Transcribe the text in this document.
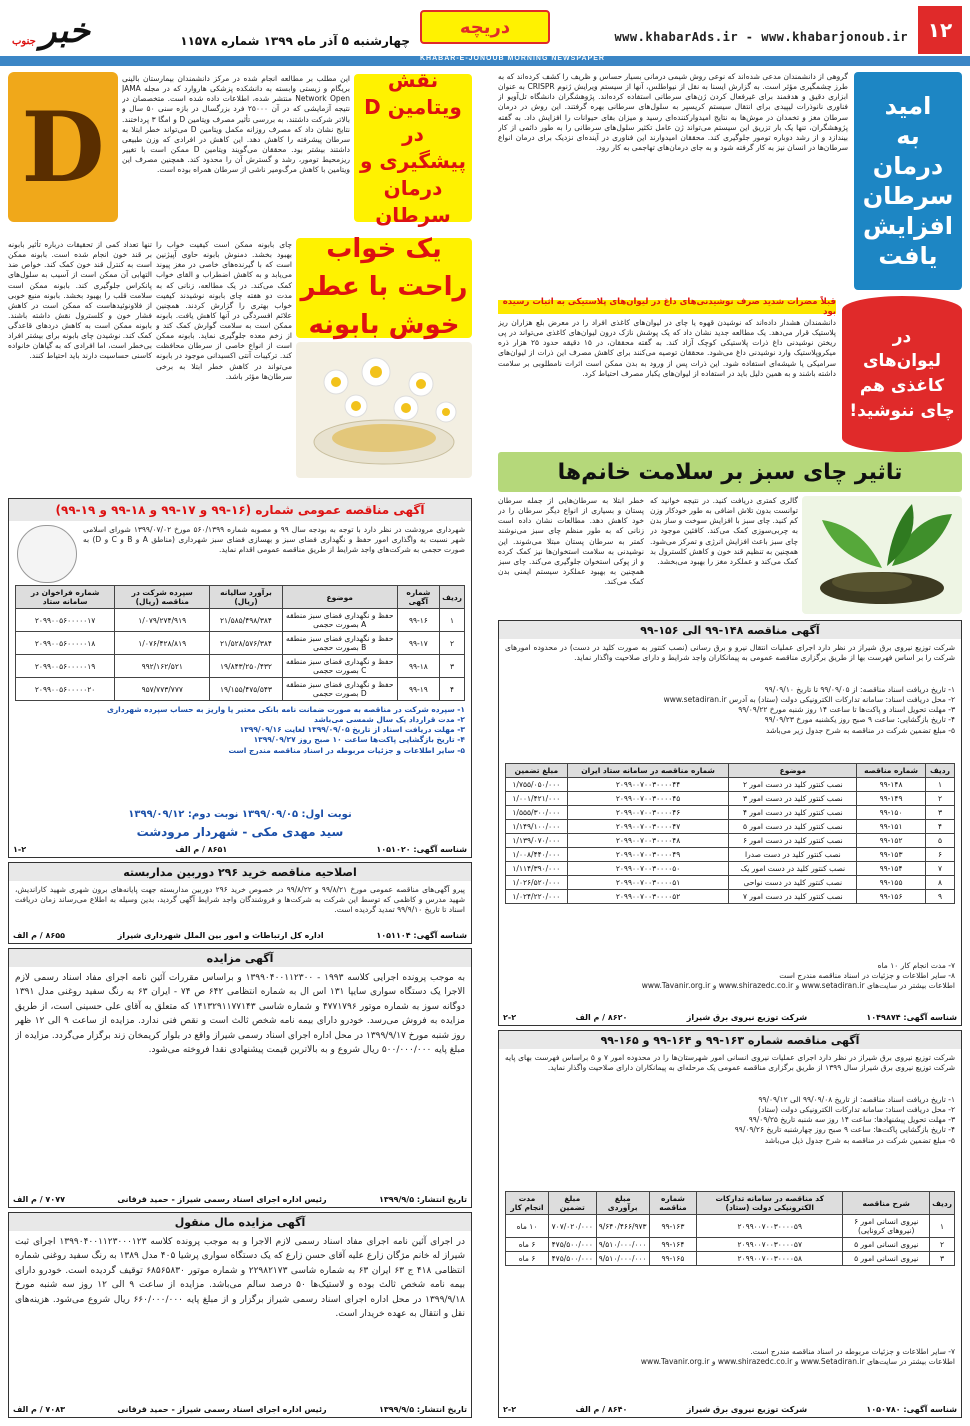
۱۲
www.khabarAds.ir - www.khabarjonoub.ir
دریچه
خبر
جنوب	چهارشنبه ۵ آذر ماه ۱۳۹۹ شماره ۱۱۵۷۸
KHABAR-E-JONOUB MORNING NEWSPAPER
امید
به
درمان
سرطان
افزایش
یافت
گروهی از دانشمندان مدعی شده‌اند که نوعی روش شیمی درمانی بسیار حساس و ظریف را کشف کرده‌اند که به طرز چشمگیری مؤثر است. به گزارش ایسنا به نقل از نیواطلس، آنها از سیستم ویرایش ژنوم CRISPR به عنوان ابزاری دقیق و هدفمند برای غیرفعال کردن ژن‌های سرطانی استفاده کرده‌اند. پژوهشگران دانشگاه تل‌آویو از فناوری نانوذرات لیپیدی برای انتقال سیستم کریسپر به سلول‌های سرطانی بهره گرفتند. این روش در درمان سرطان مغز و تخمدان در موش‌ها به نتایج امیدوارکننده‌ای رسید و میزان بقای حیوانات را افزایش داد. به گفته پژوهشگران، تنها یک بار تزریق این سیستم می‌تواند ژن عامل تکثیر سلول‌های سرطانی را به طور دائمی از کار بیندازد و از رشد دوباره تومور جلوگیری کند. محققان امیدوارند این فناوری در آینده‌ای نزدیک برای درمان انواع سرطان‌ها در انسان نیز به کار گرفته شود و به جای درمان‌های تهاجمی به کار رود.
D
نقش
ویتامین D در
پیشگیری و
درمان سرطان
این مطلب بر مطالعه انجام شده در مرکز دانشمندان بیمارستان بالینی بریگام و زیستی وابسته به دانشکده پزشکی هاروارد که در مجله JAMA Network Open منتشر شده، اطلاعات داده شده است. متخصصان در نتیجه آزمایشی که در آن ۲۵۰۰۰ فرد بزرگسال در بازه سنی ۵۰ سال و بالاتر شرکت داشتند، به بررسی تأثیر مصرف ویتامین D و امگا ۳ پرداختند. نتایج نشان داد که مصرف روزانه مکمل ویتامین D می‌تواند خطر ابتلا به سرطان پیشرفته را کاهش دهد. این کاهش در افرادی که وزن طبیعی داشتند بیشتر بود. محققان می‌گویند ویتامین D ممکن است با تغییر ریزمحیط تومور، رشد و گسترش آن را محدود کند. همچنین مصرف این ویتامین با کاهش مرگ‌ومیر ناشی از سرطان همراه بوده است.
در
لیوان‌های
کاغذی هم
چای ننوشید!
قبلاً مضرات شدید صرف نوشیدنی‌های داغ در لیوان‌های پلاستیکی به اثبات رسیده بود
دانشمندان هشدار داده‌اند که نوشیدن قهوه یا چای در لیوان‌های کاغذی افراد را در معرض بلع هزاران ریز پلاستیک قرار می‌دهد. یک مطالعه جدید نشان داد که یک پوشش نازک درون لیوان‌های کاغذی می‌تواند در پی ریختن نوشیدنی داغ ذرات پلاستیکی کوچک آزاد کند. به گفته محققان، در ۱۵ دقیقه حدود ۲۵ هزار ذره میکروپلاستیک وارد نوشیدنی داغ می‌شود. محققان توصیه می‌کنند برای کاهش مصرف این ذرات از لیوان‌های سرامیکی یا شیشه‌ای استفاده شود. این ذرات پس از ورود به بدن ممکن است اثرات نامطلوبی بر سلامت داشته باشند و به همین دلیل باید در استفاده از لیوان‌های یکبار مصرف احتیاط کرد.
تاثیر چای سبز بر سلامت خانم‌ها
گالری کمتری دریافت کنید. در نتیجه خوانید که توانست بدون تلاش اضافی به طور خودکار وزن کم کنید. چای سبز با افزایش سوخت و ساز بدن به چربی‌سوزی کمک می‌کند. کافئین موجود در چای سبز باعث افزایش انرژی و تمرکز می‌شود. همچنین به تنظیم قند خون و کاهش کلسترول بد کمک می‌کند و عملکرد مغز را بهبود می‌بخشد.
خطر ابتلا به سرطان‌هایی از جمله سرطان پستان و بسیاری از انواع دیگر سرطان را در خود کاهش دهد. مطالعات نشان داده است زنانی که به طور منظم چای سبز می‌نوشند کمتر به سرطان پستان مبتلا می‌شوند. این نوشیدنی به سلامت استخوان‌ها نیز کمک کرده و از پوکی استخوان جلوگیری می‌کند. چای سبز همچنین به بهبود عملکرد سیستم ایمنی بدن کمک می‌کند.
یک خواب
راحت با عطر
خوش بابونه
چای بابونه ممکن است کیفیت خواب را بهبود بخشد. دمنوش بابونه حاوی آپیژنین است که با گیرنده‌های خاصی در مغز پیوند می‌یابد و به کاهش اضطراب و القای خواب کمک می‌کند. در یک مطالعه، زنانی که به مدت دو هفته چای بابونه نوشیدند کیفیت خواب بهتری را گزارش کردند. همچنین علائم افسردگی در آنها کاهش یافت. بابونه ممکن است به سلامت گوارش کمک کند و از زخم معده جلوگیری نماید. بابونه ممکن است از انواع خاصی از سرطان محافظت کند. ترکیبات آنتی اکسیدانی موجود در بابونه می‌تواند در کاهش خطر ابتلا به برخی سرطان‌ها مؤثر باشد.
تنها تعداد کمی از تحقیقات درباره تأثیر بابونه بر قند خون انجام شده است. بابونه ممکن است به کنترل قند خون کمک کند. خواص ضد التهابی آن ممکن است از آسیب به سلول‌های پانکراس جلوگیری کند. بابونه ممکن است سلامت قلب را بهبود بخشد. بابونه منبع خوبی از فلاونوئیدهاست که ممکن است در کاهش فشار خون و کلسترول نقش داشته باشند. بابونه ممکن است به کاهش دردهای قاعدگی کمک کند. نوشیدن چای بابونه برای بیشتر افراد بی‌خطر است، اما افرادی که به گیاهان خانواده کاسنی حساسیت دارند باید احتیاط کنند.
آگهی مناقصه عمومی شماره (۱۶-۹۹ و ۱۷-۹۹ و ۱۸-۹۹ و ۱۹-۹۹)
شهرداری مرودشت در نظر دارد با توجه به بودجه سال ۹۹ و مصوبه شماره ۵۶۰/۱۳۹۹ مورخ ۱۳۹۹/۰۷/۰۲ شورای اسلامی شهر نسبت به واگذاری امور حفظ و نگهداری فضای سبز و بهسازی فضای سبز شهرداری (مناطق A و B و C و D) به صورت حجمی به شرکت‌های واجد شرایط از طریق مناقصه عمومی اقدام نماید.
ردیف	شماره آگهی	موضوع	برآورد سالیانه (ریال)	سپرده شرکت در مناقصه (ریال)	شماره فراخوان در سامانه ستاد
۱	۹۹-۱۶	حفظ و نگهداری فضای سبز منطقه A بصورت حجمی	۲۱/۵۸۵/۴۹۸/۳۸۴	۱/۰۷۹/۲۷۴/۹۱۹	۲۰۹۹۰۰۵۶۰۰۰۰۰۱۷
۲	۹۹-۱۷	حفظ و نگهداری فضای سبز منطقه B بصورت حجمی	۲۱/۵۲۸/۵۷۶/۳۸۴	۱/۰۷۶/۴۲۸/۸۱۹	۲۰۹۹۰۰۵۶۰۰۰۰۰۱۸
۳	۹۹-۱۸	حفظ و نگهداری فضای سبز منطقه C بصورت حجمی	۱۹/۸۴۳/۲۵۰/۴۳۲	۹۹۲/۱۶۲/۵۲۱	۲۰۹۹۰۰۵۶۰۰۰۰۰۱۹
۴	۹۹-۱۹	حفظ و نگهداری فضای سبز منطقه D بصورت حجمی	۱۹/۱۵۵/۴۷۵/۵۴۳	۹۵۷/۷۷۳/۷۷۷	۲۰۹۹۰۰۵۶۰۰۰۰۰۲۰
۱- سپرده شرکت در مناقصه به صورت ضمانت نامه بانکی معتبر یا واریز به حساب سپرده شهرداری
۲- مدت قرارداد یک سال شمسی می‌باشد
۳- مهلت دریافت اسناد از تاریخ ۱۳۹۹/۰۹/۰۵ لغایت ۱۳۹۹/۰۹/۱۶
۴- تاریخ بازگشایی پاکت‌ها ساعت ۱۰ صبح روز ۱۳۹۹/۰۹/۲۷
۵- سایر اطلاعات و جزئیات مربوطه در اسناد مناقصه مندرج است
نوبت اول: ۱۳۹۹/۰۹/۰۵ نوبت دوم: ۱۳۹۹/۰۹/۱۲
سید مهدی مکی - شهردار مرودشت
شناسه آگهی: ۱۰۵۱۰۲۰
۸۶۵۱ / م الف
۱-۲
آگهی مناقصه ۱۴۸-۹۹ الی ۱۵۶-۹۹
شرکت توزیع نیروی برق شیراز در نظر دارد اجرای عملیات انتقال نیرو و برق رسانی (نصب کنتور به صورت کلید در دست) در محدوده امورهای شرکت را بر اساس فهرست بها از طریق برگزاری مناقصه عمومی به پیمانکاران واجد شرایط و دارای صلاحیت واگذار نماید.
۱- تاریخ دریافت اسناد مناقصه: از ۹۹/۰۹/۰۵ تا تاریخ ۹۹/۰۹/۱۰
۲- محل دریافت اسناد: سامانه تدارکات الکترونیکی دولت (ستاد) به آدرس www.setadiran.ir
۳- مهلت تحویل اسناد و پاکت‌ها تا ساعت ۱۴ روز شنبه مورخ ۹۹/۰۹/۲۲
۴- تاریخ بازگشایی: ساعت ۹ صبح روز یکشنبه مورخ ۹۹/۰۹/۲۳
۵- مبلغ تضمین شرکت در مناقصه به شرح جدول زیر می‌باشد
ردیف	شماره مناقصه	موضوع	شماره مناقصه در سامانه ستاد ایران	مبلغ تضمین
۱	۹۹-۱۴۸	نصب کنتور کلید در دست امور ۲	۲۰۹۹۰۰۷۰۰۳۰۰۰۰۴۴	۱/۷۵۵/۰۵۰/۰۰۰
۲	۹۹-۱۴۹	نصب کنتور کلید در دست امور ۳	۲۰۹۹۰۰۷۰۰۳۰۰۰۰۴۵	۱/۰۰۱/۴۲۱/۰۰۰
۳	۹۹-۱۵۰	نصب کنتور کلید در دست امور ۴	۲۰۹۹۰۰۷۰۰۳۰۰۰۰۴۶	۱/۵۵۵/۳۰۰/۰۰۰
۴	۹۹-۱۵۱	نصب کنتور کلید در دست امور ۵	۲۰۹۹۰۰۷۰۰۳۰۰۰۰۴۷	۱/۱۴۹/۱۰۰/۰۰۰
۵	۹۹-۱۵۲	نصب کنتور کلید در دست امور ۶	۲۰۹۹۰۰۷۰۰۳۰۰۰۰۴۸	۱/۱۳۹/۰۷۰/۰۰۰
۶	۹۹-۱۵۳	نصب کنتور کلید در دست صدرا	۲۰۹۹۰۰۷۰۰۳۰۰۰۰۴۹	۱/۰۰۸/۴۴۰/۰۰۰
۷	۹۹-۱۵۴	نصب کنتور کلید در دست امور یک	۲۰۹۹۰۰۷۰۰۳۰۰۰۰۵۰	۱/۱۱۴/۳۹۰/۰۰۰
۸	۹۹-۱۵۵	نصب کنتور کلید در دست نواحی	۲۰۹۹۰۰۷۰۰۳۰۰۰۰۵۱	۱/۰۲۶/۵۲۰/۰۰۰
۹	۹۹-۱۵۶	نصب کنتور کلید در دست امور ۷	۲۰۹۹۰۰۷۰۰۳۰۰۰۰۵۲	۱/۰۲۴/۲۲۰/۰۰۰
۷- مدت انجام کار ۱۰ ماه
۸- سایر اطلاعات و جزئیات در اسناد مناقصه مندرج است
اطلاعات بیشتر در سایت‌های www.setadiran.ir و www.shirazedc.co.ir و www.Tavanir.org.ir
شناسه آگهی: ۱۰۴۹۸۷۴
شرکت توزیع نیروی برق شیراز
۸۶۲۰ / م الف
۲-۲
آگهی مناقصه شماره ۱۶۳-۹۹ و ۱۶۴-۹۹ و ۱۶۵-۹۹
شرکت توزیع نیروی برق شیراز در نظر دارد اجرای عملیات نیروی انسانی امور شهرستان‌ها را در محدوده امور ۷ و ۵ براساس فهرست بهای پایه شرکت توزیع نیروی برق شیراز سال ۱۳۹۹ از طریق برگزاری مناقصه عمومی یک مرحله‌ای به پیمانکاران دارای صلاحیت واگذار نماید.
۱- تاریخ دریافت اسناد مناقصه: از تاریخ ۹۹/۰۹/۰۸ الی ۹۹/۰۹/۱۲
۲- محل دریافت اسناد: سامانه تدارکات الکترونیکی دولت (ستاد)
۳- مهلت تحویل پیشنهادها: ساعت ۱۴ روز سه شنبه تاریخ ۹۹/۰۹/۲۵
۴- تاریخ بازگشایی پاکت‌ها: ساعت ۹ صبح روز چهارشنبه تاریخ ۹۹/۰۹/۲۶
۵- مبلغ تضمین شرکت در مناقصه به شرح جدول ذیل می‌باشد
ردیف	شرح مناقصه	کد مناقصه در سامانه تدارکات الکترونیکی دولت (ستاد)	شماره مناقصه	مبلغ برآوردی	مبلغ تضمین	مدت انجام کار
۱	نیروی انسانی امور ۶ (نیروهای کرونایی)	۲۰۹۹۰۰۷۰۰۳۰۰۰۰۵۹	۹۹-۱۶۳	۹/۶۴۰/۴۶۶/۹۷۳	۷۰۷/۰۲۰/۰۰۰	۱۰ ماه
۲	نیروی انسانی امور ۵	۲۰۹۹۰۰۷۰۰۳۰۰۰۰۵۷	۹۹-۱۶۴	۹/۵۱۰/۰۰۰/۰۰۰	۴۷۵/۵۰۰/۰۰۰	۶ ماه
۳	نیروی انسانی امور ۵	۲۰۹۹۰۰۷۰۰۳۰۰۰۰۵۸	۹۹-۱۶۵	۹/۵۱۰/۰۰۰/۰۰۰	۴۷۵/۵۰۰/۰۰۰	۶ ماه
۷- سایر اطلاعات و جزئیات مربوطه در اسناد مناقصه مندرج است.
اطلاعات بیشتر در سایت‌های www.Setadiran.ir و www.shirazedc.co.ir و www.Tavanir.org.ir
شناسه آگهی: ۱۰۵۰۷۸۰
شرکت توزیع نیروی برق شیراز
۸۶۴۰ / م الف
۲-۲
اصلاحیه مناقصه خرید ۲۹۶ دوربین مداربسته
پیرو آگهی‌های مناقصه عمومی مورخ ۹۹/۸/۲۱ و ۹۹/۸/۲۲ در خصوص خرید ۲۹۶ دوربین مداربسته جهت پایانه‌های برون شهری شهید کارانديش، شهید مدرس و کاظمی که توسط این شرکت به شرکت‌ها و فروشندگان واجد شرایط آگهی گردید، بدین وسیله به اطلاع می‌رساند زمان دریافت اسناد تا تاریخ ۹۹/۹/۱۰ تمدید گردیده است.
شناسه آگهی: ۱۰۵۱۱۰۴
اداره کل ارتباطات و امور بین الملل شهرداری شیراز
۸۶۵۵ / م الف
آگهی مزایده
به موجب پرونده اجرایی کلاسه ۱۹۹۳ - ۱۳۹۹۰۴۰۰۱۱۲۳۰۰ و براساس مقررات آئین نامه اجرای مفاد اسناد رسمی لازم الاجرا یک دستگاه سواری سایپا ۱۳۱ اس ال به شماره انتظامی ۶۴۲ ص ۷۴ - ایران ۶۳ به رنگ سفید روغنی مدل ۱۳۹۱ دوگانه سوز به شماره موتور ۴۷۷۱۷۹۶ و شماره شاسی ۱۴۱۳۲۹۱۱۷۷۱۴۳ که متعلق به آقای علی حسینی است، از طریق مزایده به فروش می‌رسد. خودرو دارای بیمه نامه شخص ثالث است و نقص فنی ندارد. مزایده از ساعت ۹ الی ۱۲ ظهر روز شنبه مورخ ۱۳۹۹/۹/۱۷ در محل اداره اجرای اسناد رسمی شیراز واقع در بلوار کریمخان زند برگزار می‌گردد. مزایده از مبلغ پایه ۵۰۰/۰۰۰/۰۰۰ ریال شروع و به بالاترین قیمت پیشنهادی نقدا فروخته می‌شود.
تاریخ انتشار: ۱۳۹۹/۹/۵
رئیس اداره اجرای اسناد رسمی شیراز - حمید قرقانی
۷۰۷۷ / م الف
آگهی مزایده مال منقول
در اجرای آئین نامه اجرای مفاد اسناد رسمی لازم الاجرا و به موجب پرونده کلاسه ۱۳۹۹۰۴۰۰۱۱۲۳۰۰۰۱۲۳ اجرای ثبت شیراز له خانم مژگان زارع علیه آقای حسن زارع که یک دستگاه سواری پرشیا ۴۰۵ مدل ۱۳۸۹ به رنگ سفید روغنی شماره انتظامی ۴۱۸ ج ۶۳ ایران ۶۳ به شماره شاسی ۲۲۹۸۲۱۷۳ و شماره موتور ۶۸۵۶۵۸۳۰ توقیف گردیده است. خودرو دارای بیمه نامه شخص ثالث بوده و لاستیک‌ها ۵۰ درصد سالم می‌باشد. مزایده از ساعت ۹ الی ۱۲ روز سه شنبه مورخ ۱۳۹۹/۹/۱۸ در محل اداره اجرای اسناد رسمی شیراز برگزار و از مبلغ پایه ۶۶۰/۰۰۰/۰۰۰ ریال شروع می‌شود. هزینه‌های نقل و انتقال به عهده خریدار است.
تاریخ انتشار: ۱۳۹۹/۹/۵
رئیس اداره اجرای اسناد رسمی شیراز - حمید قرقانی
۷۰۸۳ / م الف
